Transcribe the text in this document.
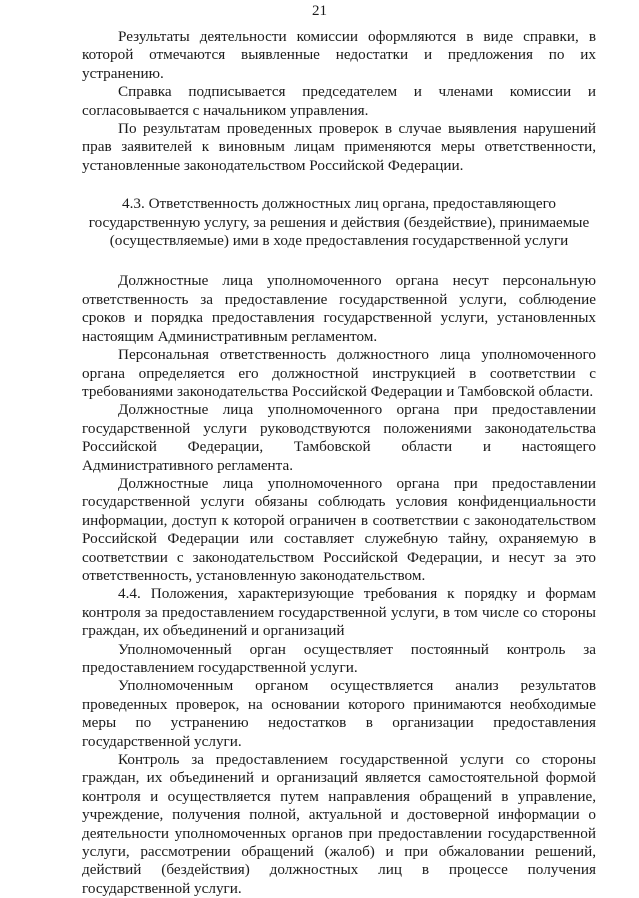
21

Результаты деятельности комиссии оформляются в виде справки, в которой отмечаются выявленные недостатки и предложения по их устранению.

Справка подписывается председателем и членами комиссии и согласовывается с начальником управления.

По результатам проведенных проверок в случае выявления нарушений прав заявителей к виновным лицам применяются меры ответственности, установленные законодательством Российской Федерации.

4.3. Ответственность должностных лиц органа, предоставляющего государственную услугу, за решения и действия (бездействие), принимаемые (осуществляемые) ими в ходе предоставления государственной услуги

Должностные лица уполномоченного органа несут персональную ответственность за предоставление государственной услуги, соблюдение сроков и порядка предоставления государственной услуги, установленных настоящим Административным регламентом.

Персональная ответственность должностного лица уполномоченного органа определяется его должностной инструкцией в соответствии с требованиями законодательства Российской Федерации и Тамбовской области.

Должностные лица уполномоченного органа при предоставлении государственной услуги руководствуются положениями законодательства Российской Федерации, Тамбовской области и настоящего Административного регламента.

Должностные лица уполномоченного органа при предоставлении государственной услуги обязаны соблюдать условия конфиденциальности информации, доступ к которой ограничен в соответствии с законодательством Российской Федерации или составляет служебную тайну, охраняемую в соответствии с законодательством Российской Федерации, и несут за это ответственность, установленную законодательством.

4.4. Положения, характеризующие требования к порядку и формам контроля за предоставлением государственной услуги, в том числе со стороны граждан, их объединений и организаций

Уполномоченный орган осуществляет постоянный контроль за предоставлением государственной услуги.

Уполномоченным органом осуществляется анализ результатов проведенных проверок, на основании которого принимаются необходимые меры по устранению недостатков в организации предоставления государственной услуги.

Контроль за предоставлением государственной услуги со стороны граждан, их объединений и организаций является самостоятельной формой контроля и осуществляется путем направления обращений в управление, учреждение, получения полной, актуальной и достоверной информации о деятельности уполномоченных органов при предоставлении государственной услуги, рассмотрении обращений (жалоб) и при обжаловании решений, действий (бездействия) должностных лиц в процессе получения государственной услуги.
